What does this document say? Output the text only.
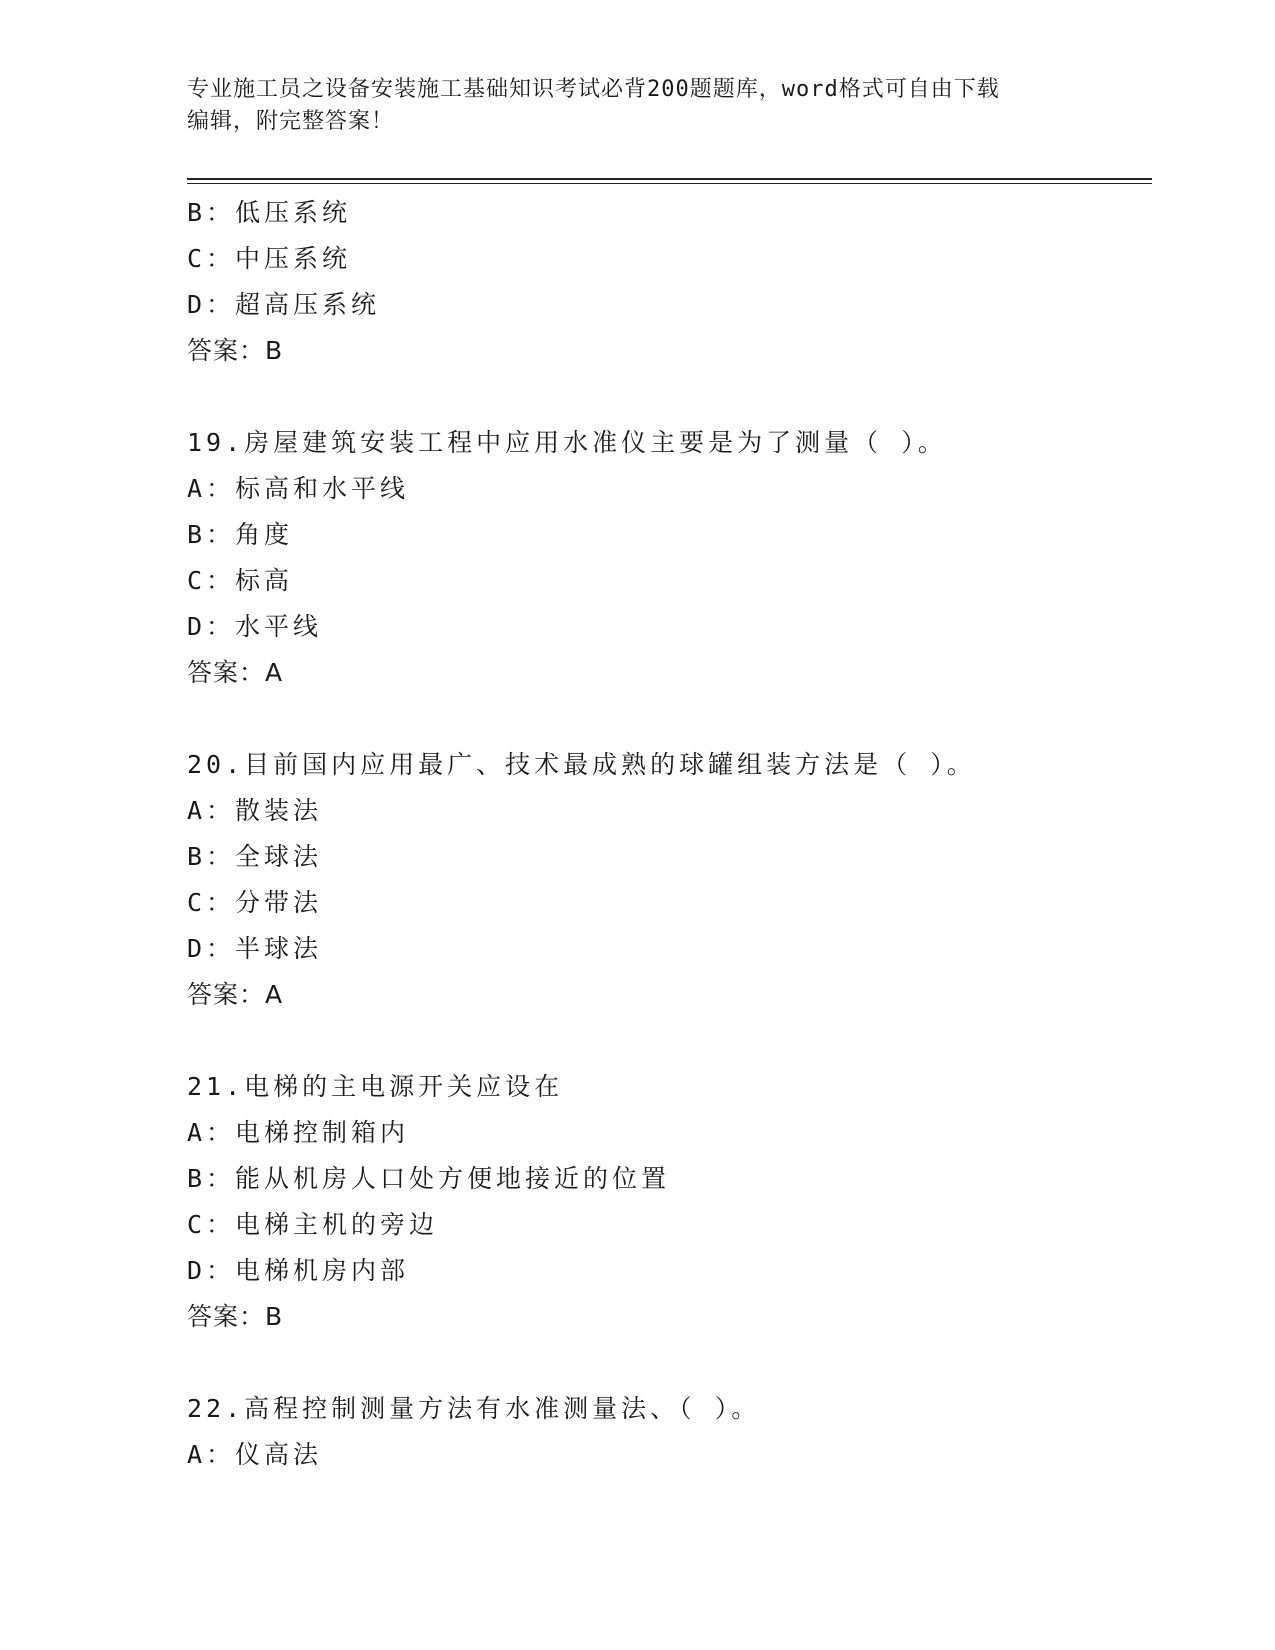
专业施工员之设备安装施工基础知识考试必背200题题库，word格式可自由下载
编辑，附完整答案！
B：低压系统
C：中压系统
D：超高压系统
答案：B
19.房屋建筑安装工程中应用水准仪主要是为了测量（ ）。
A：标高和水平线
B：角度
C：标高
D：水平线
答案：A
20.目前国内应用最广、技术最成熟的球罐组装方法是（ ）。
A：散装法
B：全球法
C：分带法
D：半球法
答案：A
21.电梯的主电源开关应设在
A：电梯控制箱内
B：能从机房人口处方便地接近的位置
C：电梯主机的旁边
D：电梯机房内部
答案：B
22.高程控制测量方法有水准测量法、（ ）。
A：仪高法
